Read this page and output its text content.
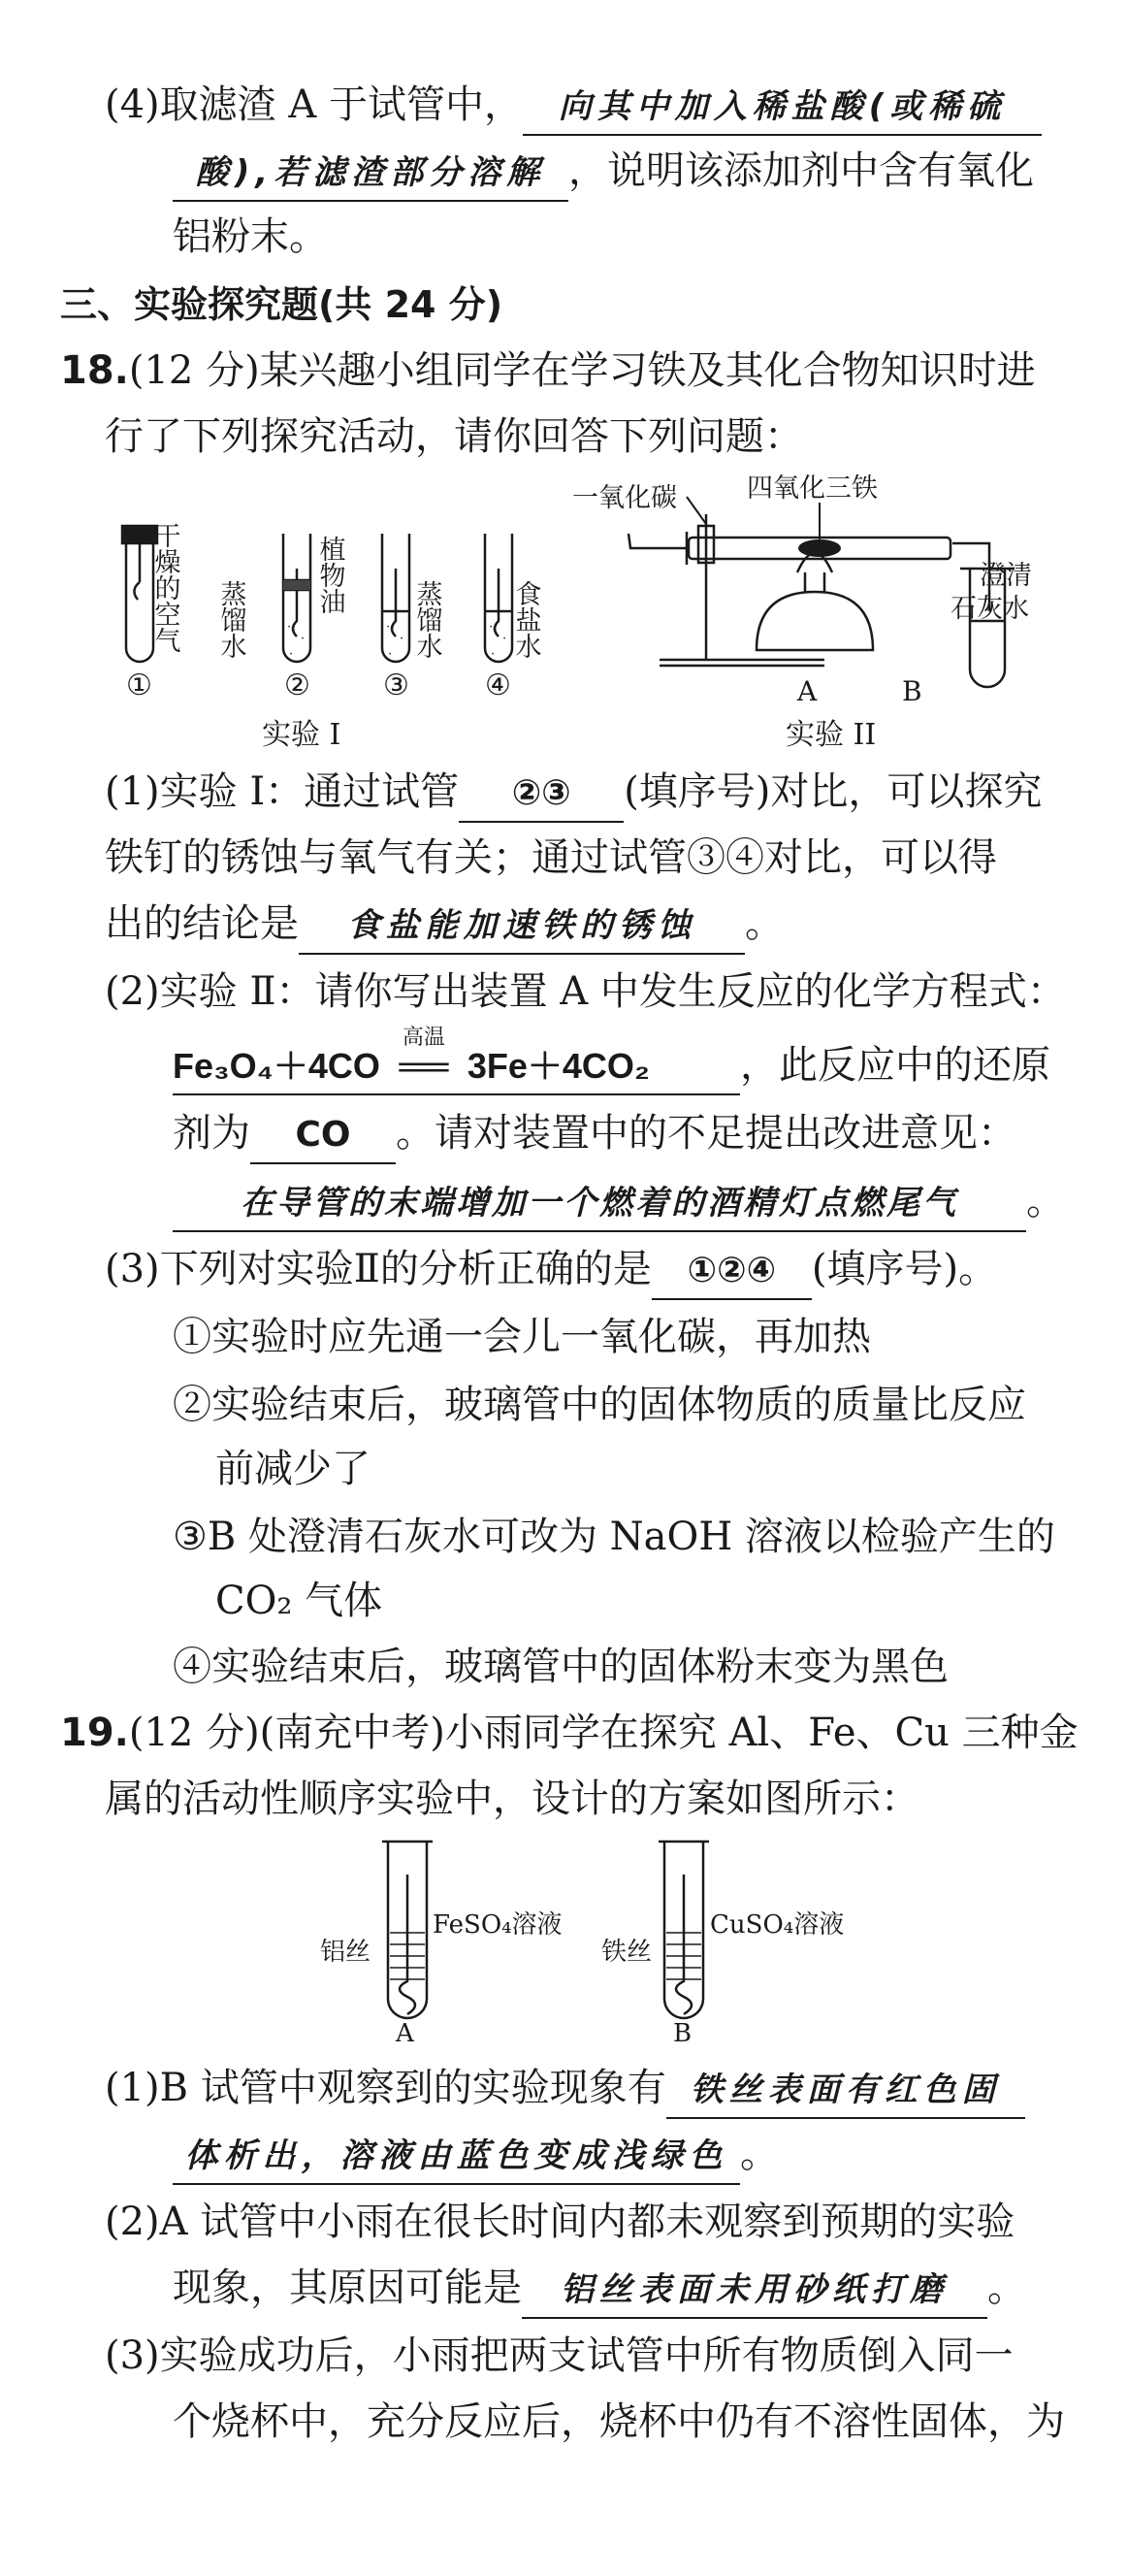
(4)取滤渣 A 于试管中， 向其中加入稀盐酸(或稀硫
酸),若滤渣部分溶解 ，说明该添加剂中含有氧化
铝粉末。
三、实验探究题(共 24 分)
18.(12 分)某兴趣小组同学在学习铁及其化合物知识时进
行了下列探究活动，请你回答下列问题：
·
·
·
·
·
·
·
·
·
干燥的空气 蒸馏水
植物油
蒸馏水	食盐水
①	②	③	④
实验 I
一氧化碳	四氧化三铁
澄清
石灰水
A	B
实验 II
(1)实验 Ⅰ：通过试管 ②③ (填序号)对比，可以探究
铁钉的锈蚀与氧气有关；通过试管③④对比，可以得
出的结论是 食盐能加速铁的锈蚀 。
(2)实验 Ⅱ：请你写出装置 A 中发生反应的化学方程式：
Fe₃O₄＋4CO
高温
══ 3Fe＋4CO₂ ，此反应中的还原
剂为 CO 。请对装置中的不足提出改进意见：
在导管的末端增加一个燃着的酒精灯点燃尾气 。
(3)下列对实验Ⅱ的分析正确的是 ①②④ (填序号)。
①实验时应先通一会儿一氧化碳，再加热
②实验结束后，玻璃管中的固体物质的质量比反应
前减少了
③B 处澄清石灰水可改为 NaOH 溶液以检验产生的
CO₂ 气体
④实验结束后，玻璃管中的固体粉末变为黑色
19.(12 分)(南充中考)小雨同学在探究 Al、Fe、Cu 三种金
属的活动性顺序实验中，设计的方案如图所示：
铝丝
FeSO₄溶液
A
铁丝
CuSO₄溶液
B
(1)B 试管中观察到的实验现象有 铁丝表面有红色固
体析出，溶液由蓝色变成浅绿色 。
(2)A 试管中小雨在很长时间内都未观察到预期的实验
现象，其原因可能是 铝丝表面未用砂纸打磨 。
(3)实验成功后，小雨把两支试管中所有物质倒入同一
个烧杯中，充分反应后，烧杯中仍有不溶性固体，为
